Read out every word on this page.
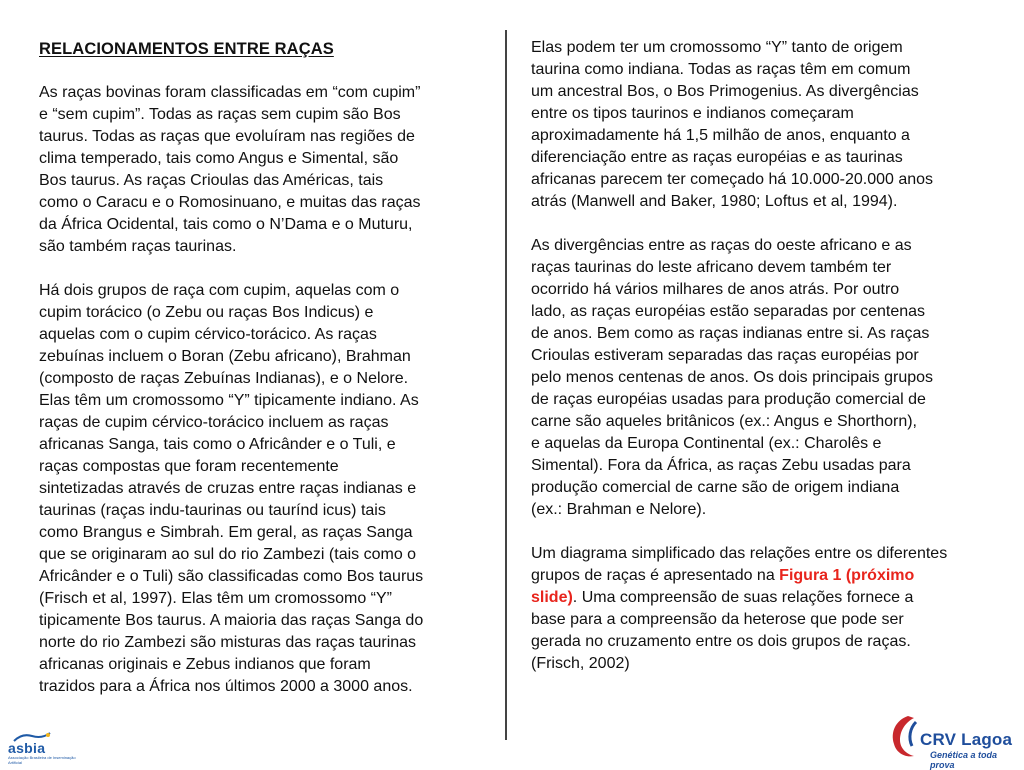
RELACIONAMENTOS ENTRE RAÇAS

As raças bovinas foram classificadas em “com cupim”
e “sem cupim”. Todas as raças sem cupim são Bos
taurus. Todas as raças que evoluíram nas regiões de
clima temperado, tais como Angus e Simental, são
Bos taurus. As raças Crioulas das Américas, tais
como o Caracu e o Romosinuano, e muitas das raças
da África Ocidental, tais como o N’Dama e o Muturu,
são também raças taurinas.

Há dois grupos de raça com cupim, aquelas com o
cupim torácico (o Zebu ou raças Bos Indicus) e
aquelas com o cupim cérvico-torácico. As raças
zebuínas incluem o Boran (Zebu africano), Brahman
(composto de raças Zebuínas Indianas), e o Nelore.
Elas têm um cromossomo “Y” tipicamente indiano. As
raças de cupim cérvico-torácico incluem as raças
africanas Sanga, tais como o Africânder e o Tuli, e
raças compostas que foram recentemente
sintetizadas através de cruzas entre raças indianas e
taurinas (raças indu-taurinas ou taurínd icus) tais
como Brangus e Simbrah. Em geral, as raças Sanga
que se originaram ao sul do rio Zambezi (tais como o
Africânder e o Tuli) são classificadas como Bos taurus
(Frisch et al, 1997). Elas têm um cromossomo “Y”
tipicamente Bos taurus. A maioria das raças Sanga do
norte do rio Zambezi são misturas das raças taurinas
africanas originais e Zebus indianos que foram
trazidos para a África nos últimos 2000 a 3000 anos.

Elas podem ter um cromossomo “Y” tanto de origem
taurina como indiana. Todas as raças têm em comum
um ancestral Bos, o Bos Primogenius. As divergências
entre os tipos taurinos e indianos começaram
aproximadamente há 1,5 milhão de anos, enquanto a
diferenciação entre as raças européias e as taurinas
africanas parecem ter começado há 10.000-20.000 anos
atrás (Manwell and Baker, 1980; Loftus et al, 1994).

As divergências entre as raças do oeste africano e as
raças taurinas do leste africano devem também ter
ocorrido há vários milhares de anos atrás. Por outro
lado, as raças européias estão separadas por centenas
de anos. Bem como as raças indianas entre si. As raças
Crioulas estiveram separadas das raças européias por
pelo menos centenas de anos. Os dois principais grupos
de raças européias usadas para produção comercial de
carne são aqueles britânicos (ex.: Angus e Shorthorn),
e aquelas da Europa Continental (ex.: Charolês e
Simental). Fora da África, as raças Zebu usadas para
produção comercial de carne são de origem indiana
(ex.: Brahman e Nelore).

Um diagrama simplificado das relações entre os diferentes
grupos de raças é apresentado na Figura 1 (próximo
slide). Uma compreensão de suas relações fornece a
base para a compreensão da heterose que pode ser
gerada no cruzamento entre os dois grupos de raças.
(Frisch, 2002)

asbia
Associação Brasileira de Inseminação Artificial
CRV Lagoa
Genética a toda prova
